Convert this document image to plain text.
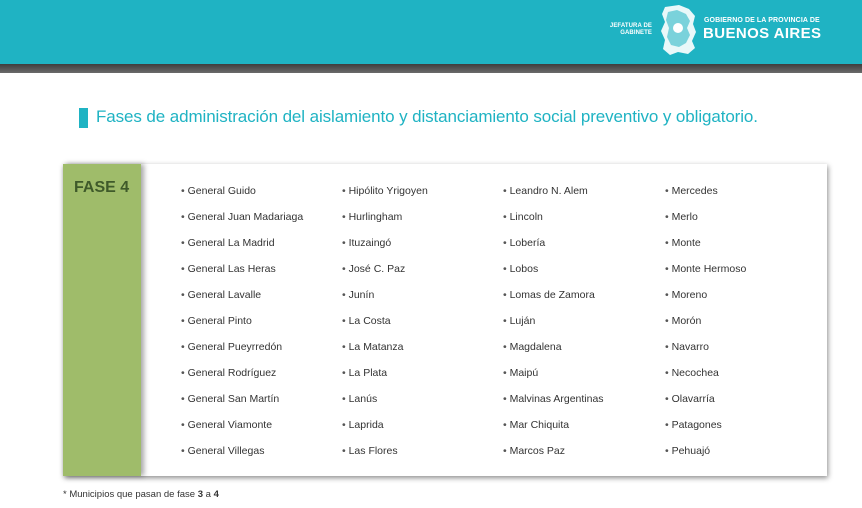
JEFATURA DE GABINETE
GOBIERNO DE LA PROVINCIA DE
BUENOS AIRES
Fases de administración del aislamiento y distanciamiento social preventivo y obligatorio.
FASE 4
•	General Guido
• General Juan Madariaga
• General La Madrid
• General Las Heras
• General Lavalle
• General Pinto
• General Pueyrredón
• General Rodríguez
• General San Martín
• General Viamonte
• General Villegas
• Hipólito Yrigoyen
• Hurlingham
• Ituzaingó
• José C. Paz
• Junín
• La Costa
• La Matanza
• La Plata
• Lanús
• Laprida
• Las Flores
• Leandro N. Alem
• Lincoln
• Lobería
• Lobos
• Lomas de Zamora
• Luján
• Magdalena
• Maipú
• Malvinas Argentinas
• Mar Chiquita
• Marcos Paz
• Mercedes
• Merlo
• Monte
• Monte Hermoso
• Moreno
• Morón
• Navarro
• Necochea
• Olavarría
• Patagones
• Pehuajó
* Municipios que pasan de fase 3 a 4
